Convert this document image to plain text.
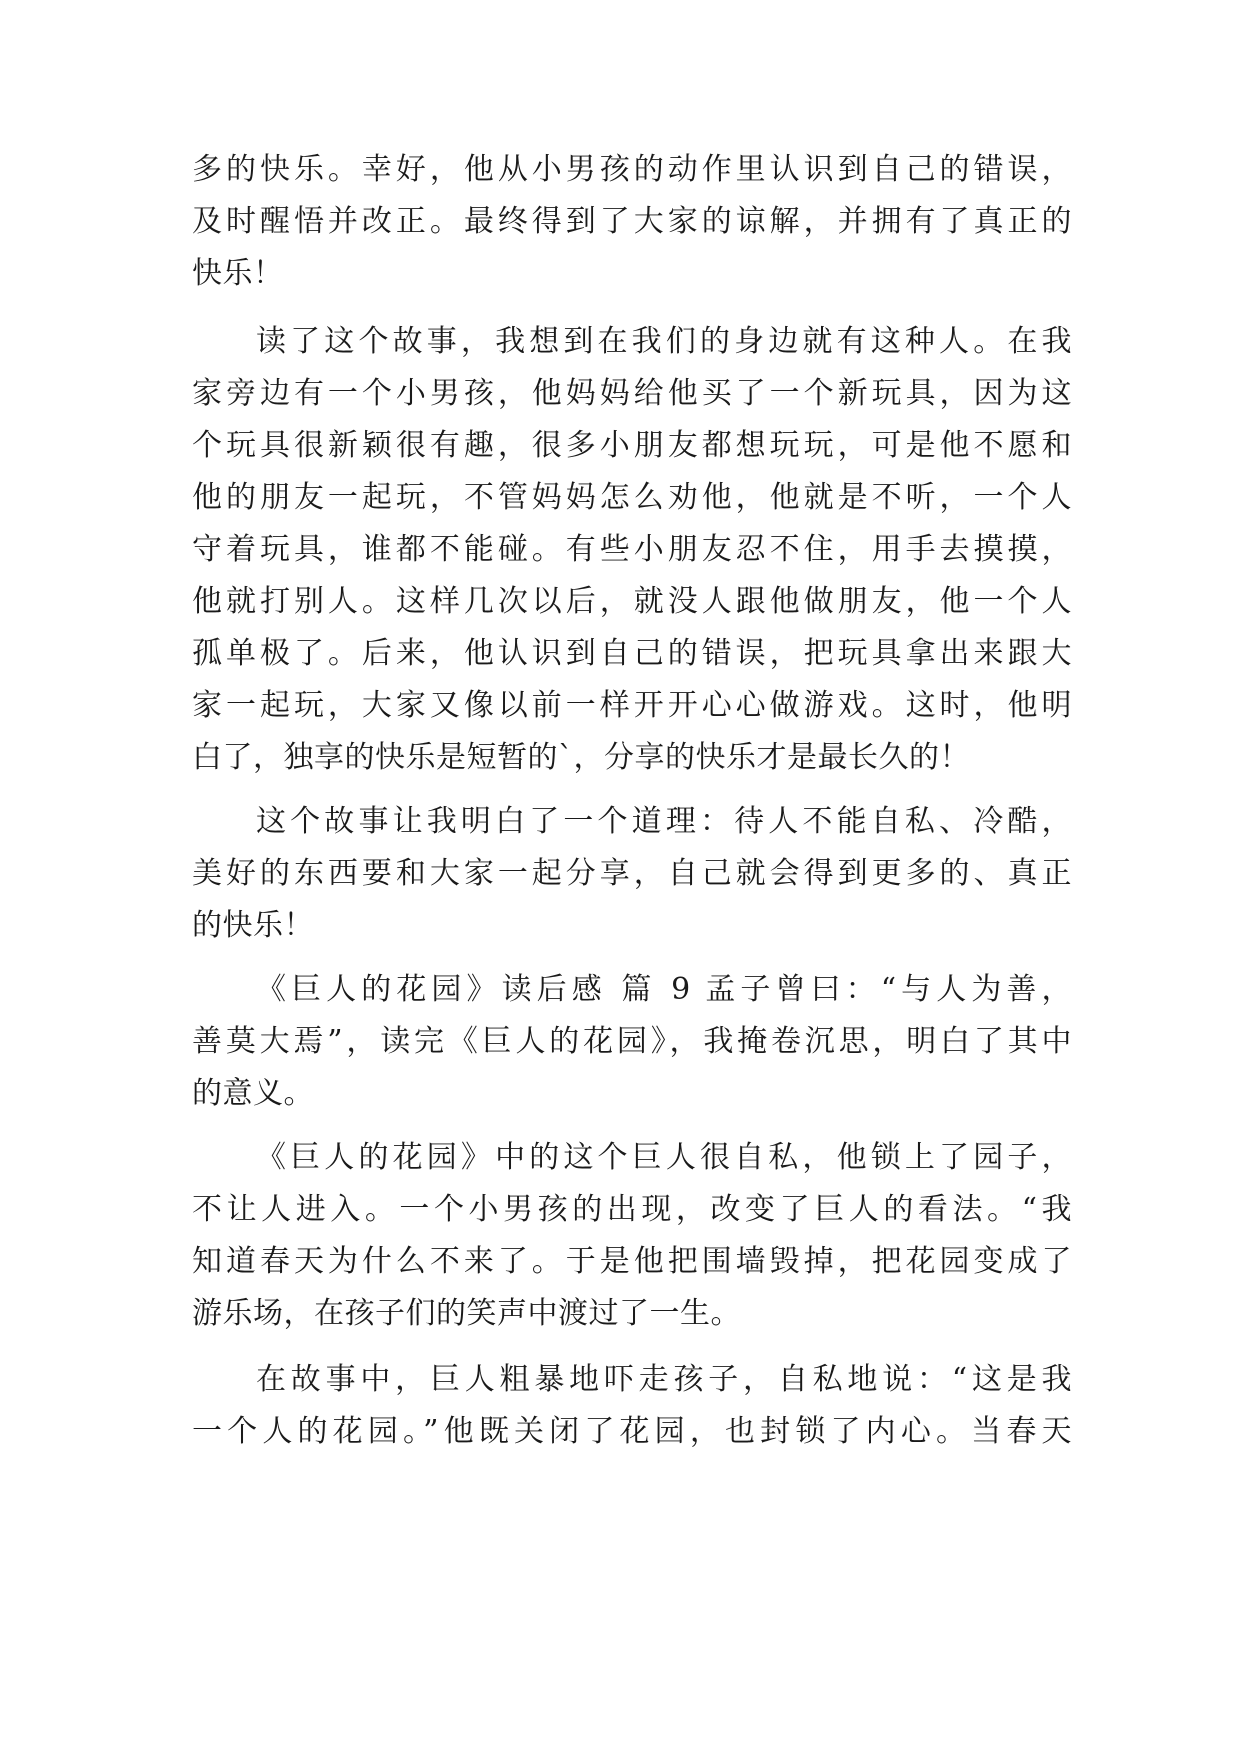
多的快乐。幸好，他从小男孩的动作里认识到自己的错误，
及时醒悟并改正。最终得到了大家的谅解，并拥有了真正的
快乐！
读了这个故事，我想到在我们的身边就有这种人。在我
家旁边有一个小男孩，他妈妈给他买了一个新玩具，因为这
个玩具很新颖很有趣，很多小朋友都想玩玩，可是他不愿和
他的朋友一起玩，不管妈妈怎么劝他，他就是不听，一个人
守着玩具，谁都不能碰。有些小朋友忍不住，用手去摸摸，
他就打别人。这样几次以后，就没人跟他做朋友，他一个人
孤单极了。后来，他认识到自己的错误，把玩具拿出来跟大
家一起玩，大家又像以前一样开开心心做游戏。这时，他明
白了，独享的快乐是短暂的`，分享的快乐才是最长久的！
这个故事让我明白了一个道理：待人不能自私、冷酷，
美好的东西要和大家一起分享，自己就会得到更多的、真正
的快乐！
《巨人的花园》读后感 篇 9 孟子曾曰：“与人为善，
善莫大焉”，读完《巨人的花园》，我掩卷沉思，明白了其中
的意义。
《巨人的花园》中的这个巨人很自私，他锁上了园子，
不让人进入。一个小男孩的出现，改变了巨人的看法。“我
知道春天为什么不来了。于是他把围墙毁掉，把花园变成了
游乐场，在孩子们的笑声中渡过了一生。
在故事中，巨人粗暴地吓走孩子，自私地说：“这是我
一个人的花园。”他既关闭了花园，也封锁了内心。当春天
